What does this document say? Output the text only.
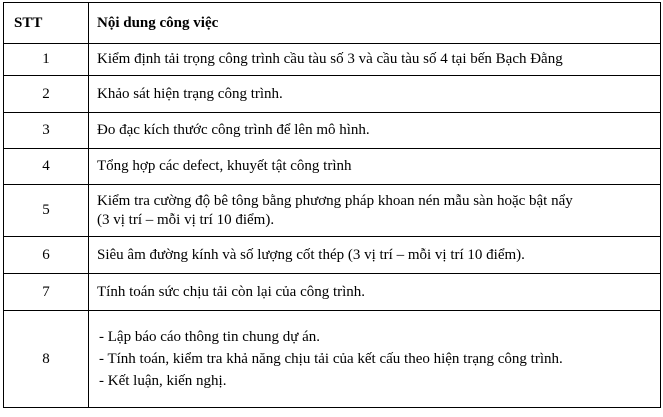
STT	Nội dung công việc
1	Kiểm định tải trọng công trình cầu tàu số 3 và cầu tàu số 4 tại bến Bạch Đằng

2	Khảo sát hiện trạng công trình.

3	Đo đạc kích thước công trình để lên mô hình.

4	Tổng hợp các defect, khuyết tật công trình

5	Kiểm tra cường độ bê tông bằng phương pháp khoan nén mẫu sàn hoặc bật nẩy
(3 vị trí – mỗi vị trí 10 điểm).

6	Siêu âm đường kính và số lượng cốt thép (3 vị trí – mỗi vị trí 10 điểm).

7	Tính toán sức chịu tải còn lại của công trình.

8	- Lập báo cáo thông tin chung dự án.
- Tính toán, kiểm tra khả năng chịu tải của kết cấu theo hiện trạng công trình.
- Kết luận, kiến nghị.
